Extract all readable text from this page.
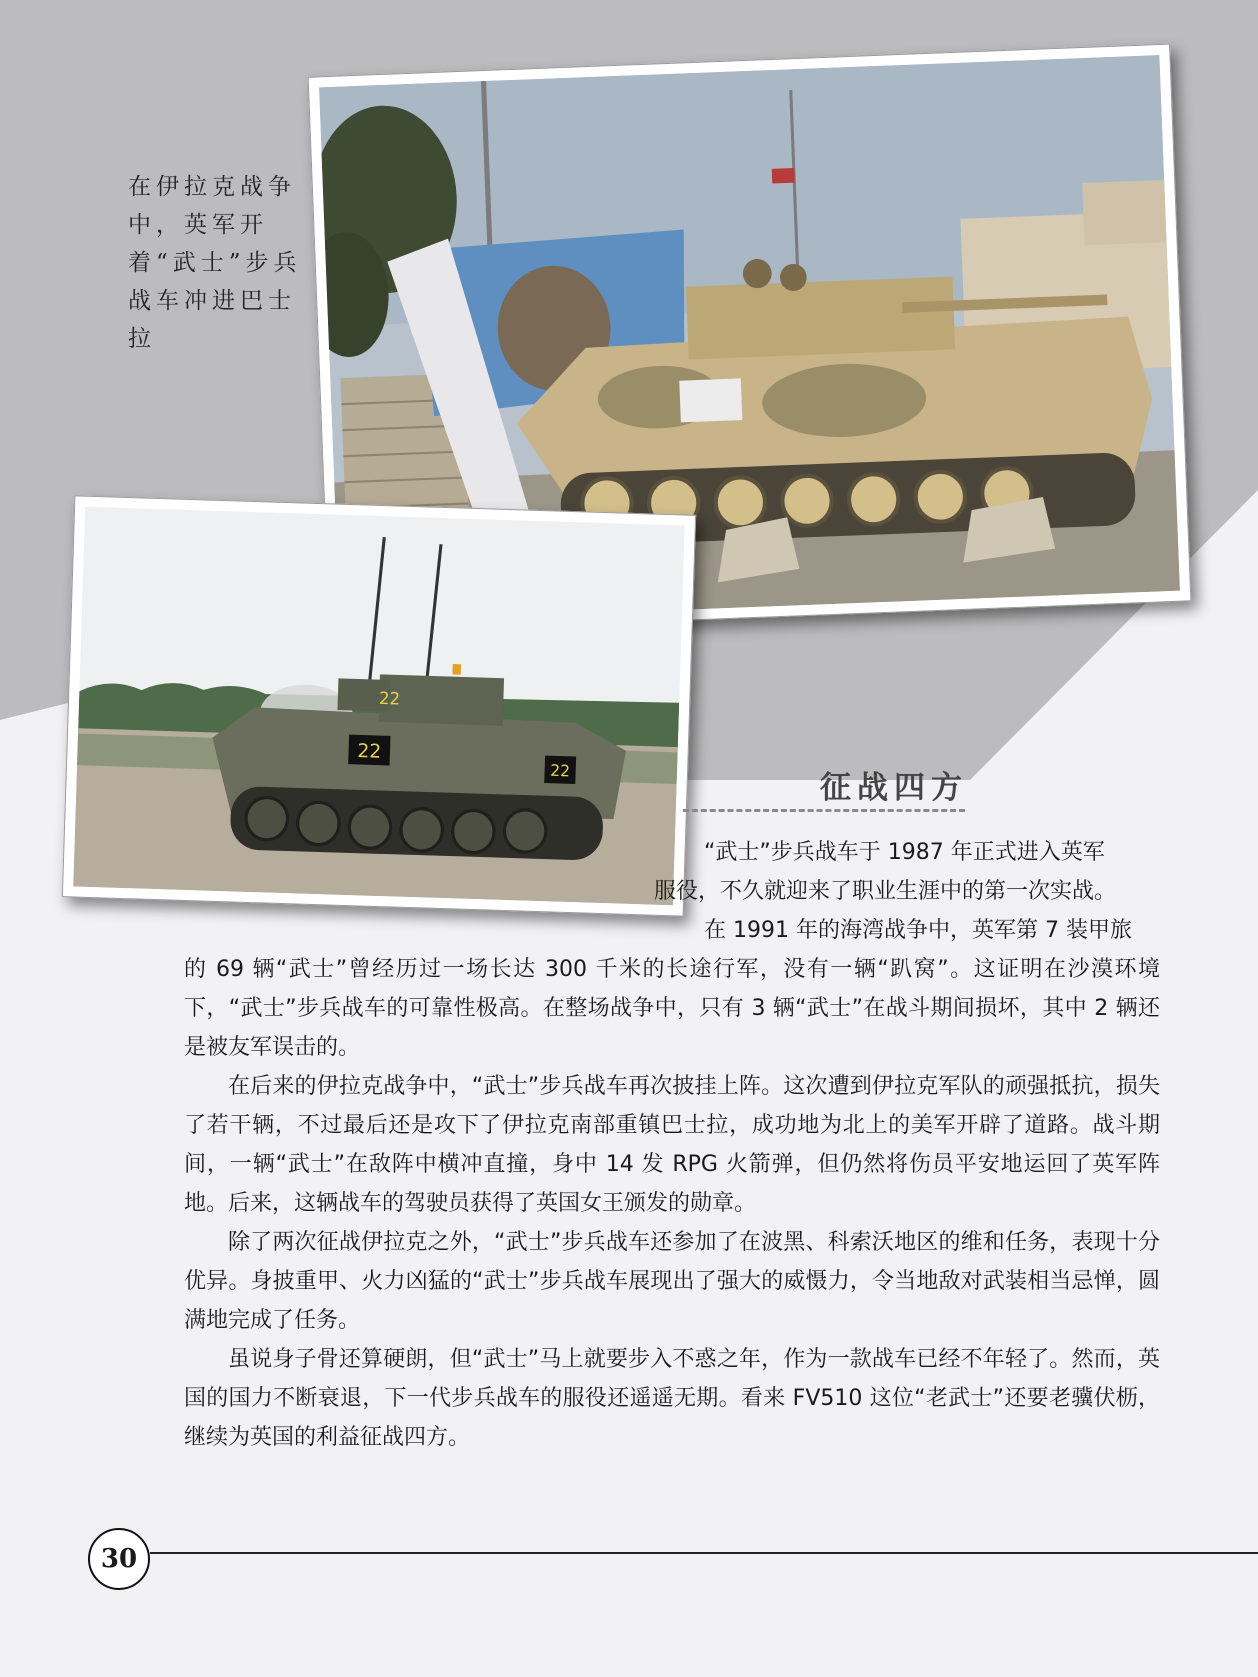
在伊拉克战争中，英军开着“武士”步兵战车冲进巴士拉
22
22
22	征战四方

“武士”步兵战车于 1987 年正式进入英军

服役，不久就迎来了职业生涯中的第一次实战。

在 1991 年的海湾战争中，英军第 7 装甲旅

的 69 辆“武士”曾经历过一场长达 300 千米的长途行军，没有一辆“趴窝”。这证明在沙漠环境下，“武士”步兵战车的可靠性极高。在整场战争中，只有 3 辆“武士”在战斗期间损坏，其中 2 辆还是被友军误击的。

在后来的伊拉克战争中，“武士”步兵战车再次披挂上阵。这次遭到伊拉克军队的顽强抵抗，损失了若干辆，不过最后还是攻下了伊拉克南部重镇巴士拉，成功地为北上的美军开辟了道路。战斗期间，一辆“武士”在敌阵中横冲直撞，身中 14 发 RPG 火箭弹，但仍然将伤员平安地运回了英军阵地。后来，这辆战车的驾驶员获得了英国女王颁发的勋章。

除了两次征战伊拉克之外，“武士”步兵战车还参加了在波黑、科索沃地区的维和任务，表现十分优异。身披重甲、火力凶猛的“武士”步兵战车展现出了强大的威慑力，令当地敌对武装相当忌惮，圆满地完成了任务。

虽说身子骨还算硬朗，但“武士”马上就要步入不惑之年，作为一款战车已经不年轻了。然而，英国的国力不断衰退，下一代步兵战车的服役还遥遥无期。看来 FV510 这位“老武士”还要老骥伏枥，继续为英国的利益征战四方。

30
